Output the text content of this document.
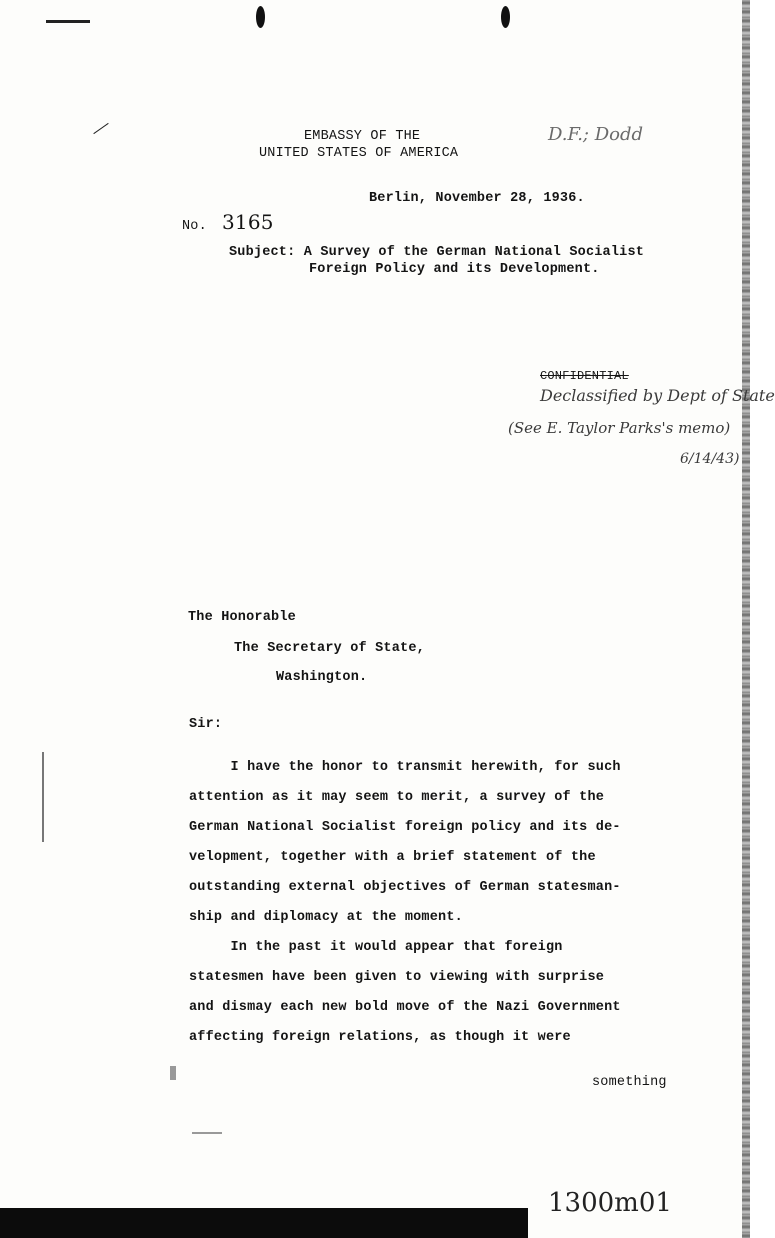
EMBASSY OF THE
UNITED STATES OF AMERICA
D.F.; Dodd
Berlin, November 28, 1936.
No. 3165
Subject: A Survey of the German National Socialist
Foreign Policy and its Development.
CONFIDENTIAL
Declassified by Dept of State
(See E. Taylor Parks's memo)
6/14/43)
The Honorable
The Secretary of State,
Washington.
Sir:
I have the honor to transmit herewith, for such
attention as it may seem to merit, a survey of the
German National Socialist foreign policy and its de-
velopment, together with a brief statement of the
outstanding external objectives of German statesman-
ship and diplomacy at the moment.
In the past it would appear that foreign
statesmen have been given to viewing with surprise
and dismay each new bold move of the Nazi Government
affecting foreign relations, as though it were
something
1300m01
